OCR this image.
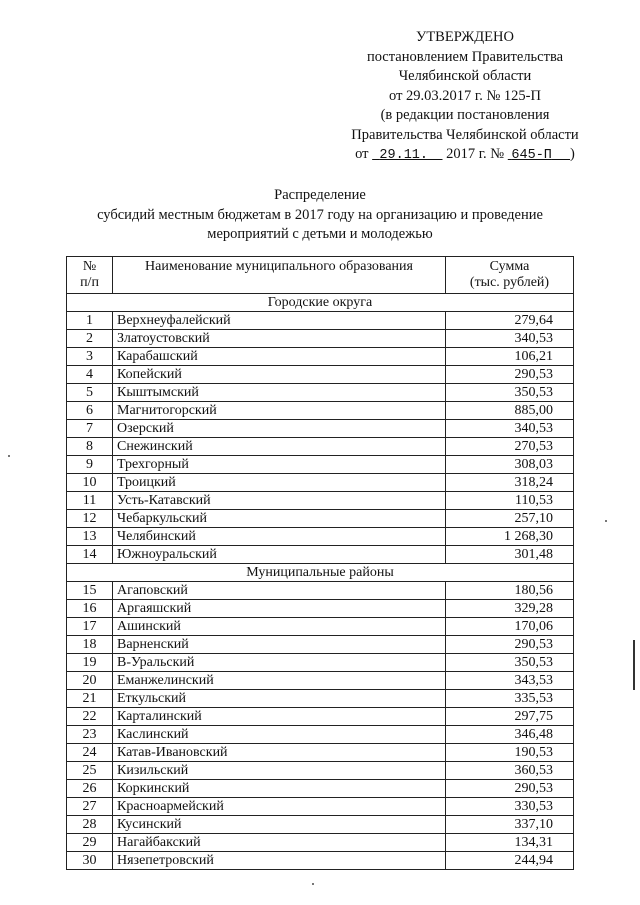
УТВЕРЖДЕНО
постановлением Правительства
Челябинской области
от 29.03.2017 г. № 125-П
(в редакции постановления
Правительства Челябинской области
от 29.11. 2017 г. № 645-П )
Распределение
субсидий местным бюджетам в 2017 году на организацию и проведение
мероприятий с детьми и молодежью
№
п/п	Наименование муниципального образования	Сумма
(тыс. рублей)
Городские округа		
1	Верхнеуфалейский	279,64
2	Златоустовский	340,53
3	Карабашский	106,21
4	Копейский	290,53
5	Кыштымский	350,53
6	Магнитогорский	885,00
7	Озерский	340,53
8	Снежинский	270,53
9	Трехгорный	308,03
10	Троицкий	318,24
11	Усть-Катавский	110,53
12	Чебаркульский	257,10
13	Челябинский	1 268,30
14	Южноуральский	301,48
Муниципальные районы		
15	Агаповский	180,56
16	Аргаяшский	329,28
17	Ашинский	170,06
18	Варненский	290,53
19	В-Уральский	350,53
20	Еманжелинский	343,53
21	Еткульский	335,53
22	Карталинский	297,75
23	Каслинский	346,48
24	Катав-Ивановский	190,53
25	Кизильский	360,53
26	Коркинский	290,53
27	Красноармейский	330,53
28	Кусинский	337,10
29	Нагайбакский	134,31
30	Нязепетровский	244,94
